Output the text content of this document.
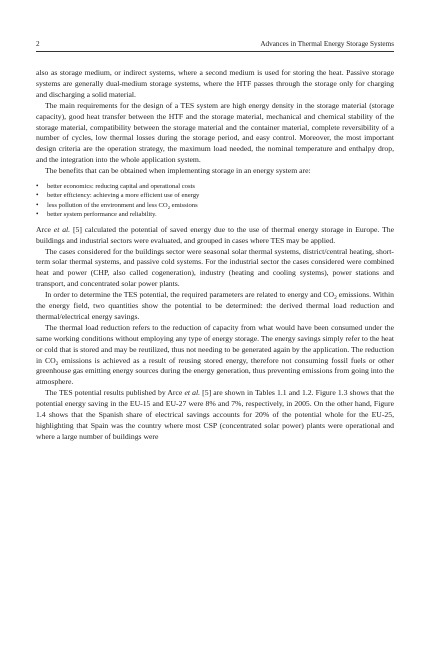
2	Advances in Thermal Energy Storage Systems

also as storage medium, or indirect systems, where a second medium is used for storing the heat. Passive storage systems are generally dual-medium storage systems, where the HTF passes through the storage only for charging and discharging a solid material.

The main requirements for the design of a TES system are high energy density in the storage material (storage capacity), good heat transfer between the HTF and the storage material, mechanical and chemical stability of the storage material, compatibility between the storage material and the container material, complete reversibility of a number of cycles, low thermal losses during the storage period, and easy control. Moreover, the most important design criteria are the operation strategy, the maximum load needed, the nominal temperature and enthalpy drop, and the integration into the whole application system.

The benefits that can be obtained when implementing storage in an energy system are:

• better economics: reducing capital and operational costs
• better efficiency: achieving a more efficient use of energy
• less pollution of the environment and less $CO_2$ emissions
• better system performance and reliability.

Arce et al. [5] calculated the potential of saved energy due to the use of thermal energy storage in Europe. The buildings and industrial sectors were evaluated, and grouped in cases where TES may be applied.

The cases considered for the buildings sector were seasonal solar thermal systems, district/central heating, short-term solar thermal systems, and passive cold systems. For the industrial sector the cases considered were combined heat and power (CHP, also called cogeneration), industry (heating and cooling systems), power stations and transport, and concentrated solar power plants.

In order to determine the TES potential, the required parameters are related to energy and $CO_2$ emissions. Within the energy field, two quantities show the potential to be determined: the derived thermal load reduction and thermal/electrical energy savings.

The thermal load reduction refers to the reduction of capacity from what would have been consumed under the same working conditions without employing any type of energy storage. The energy savings simply refer to the heat or cold that is stored and may be reutilized, thus not needing to be generated again by the application. The reduction in $CO_2$ emissions is achieved as a result of reusing stored energy, therefore not consuming fossil fuels or other greenhouse gas emitting energy sources during the energy generation, thus preventing emissions from going into the atmosphere.

The TES potential results published by Arce et al. [5] are shown in Tables 1.1 and 1.2. Figure 1.3 shows that the potential energy saving in the EU-15 and EU-27 were 8% and 7%, respectively, in 2005. On the other hand, Figure 1.4 shows that the Spanish share of electrical savings accounts for 20% of the potential whole for the EU-25, highlighting that Spain was the country where most CSP (concentrated solar power) plants were operational and where a large number of buildings were
